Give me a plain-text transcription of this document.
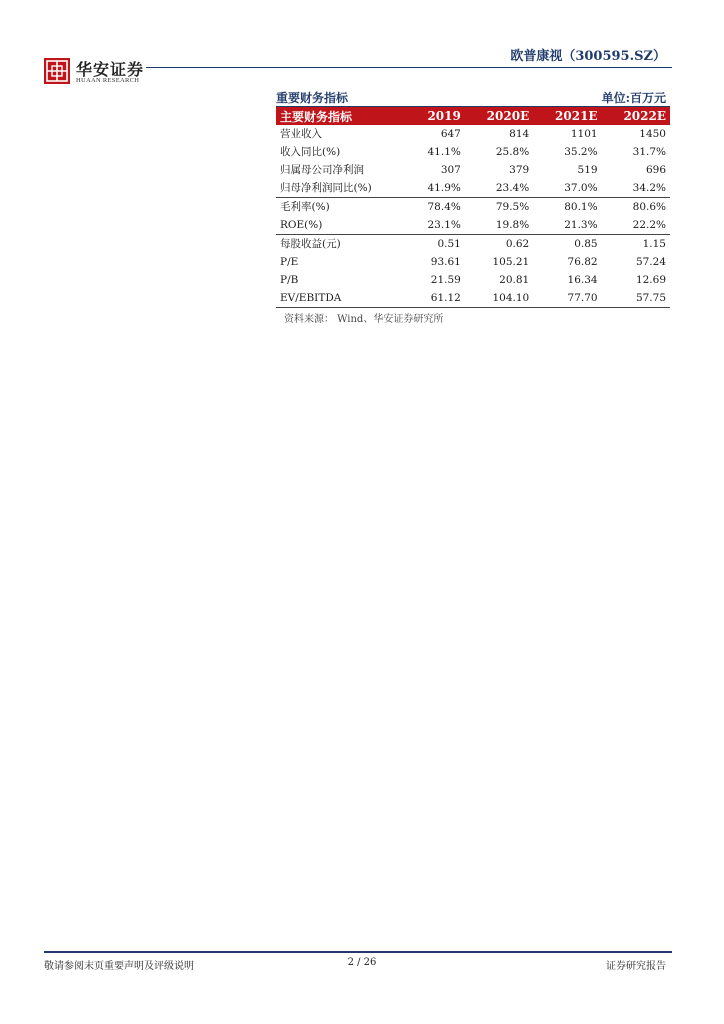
华安证券
HUAAN RESEARCH
欧普康视（300595.SZ）
重要财务指标	单位:百万元
主要财务指标	2019	2020E	2021E	2022E
营业收入	647	814	1101	1450
收入同比(%)	41.1%	25.8%	35.2%	31.7%
归属母公司净利润	307	379	519	696
归母净利润同比(%)	41.9%	23.4%	37.0%	34.2%
毛利率(%)	78.4%	79.5%	80.1%	80.6%
ROE(%)	23.1%	19.8%	21.3%	22.2%
每股收益(元)	0.51	0.62	0.85	1.15
P/E	93.61	105.21	76.82	57.24
P/B	21.59	20.81	16.34	12.69
EV/EBITDA	61.12	104.10	77.70	57.75
资料来源： Wind、华安证券研究所
敬请参阅末页重要声明及评级说明	2 / 26	证券研究报告
